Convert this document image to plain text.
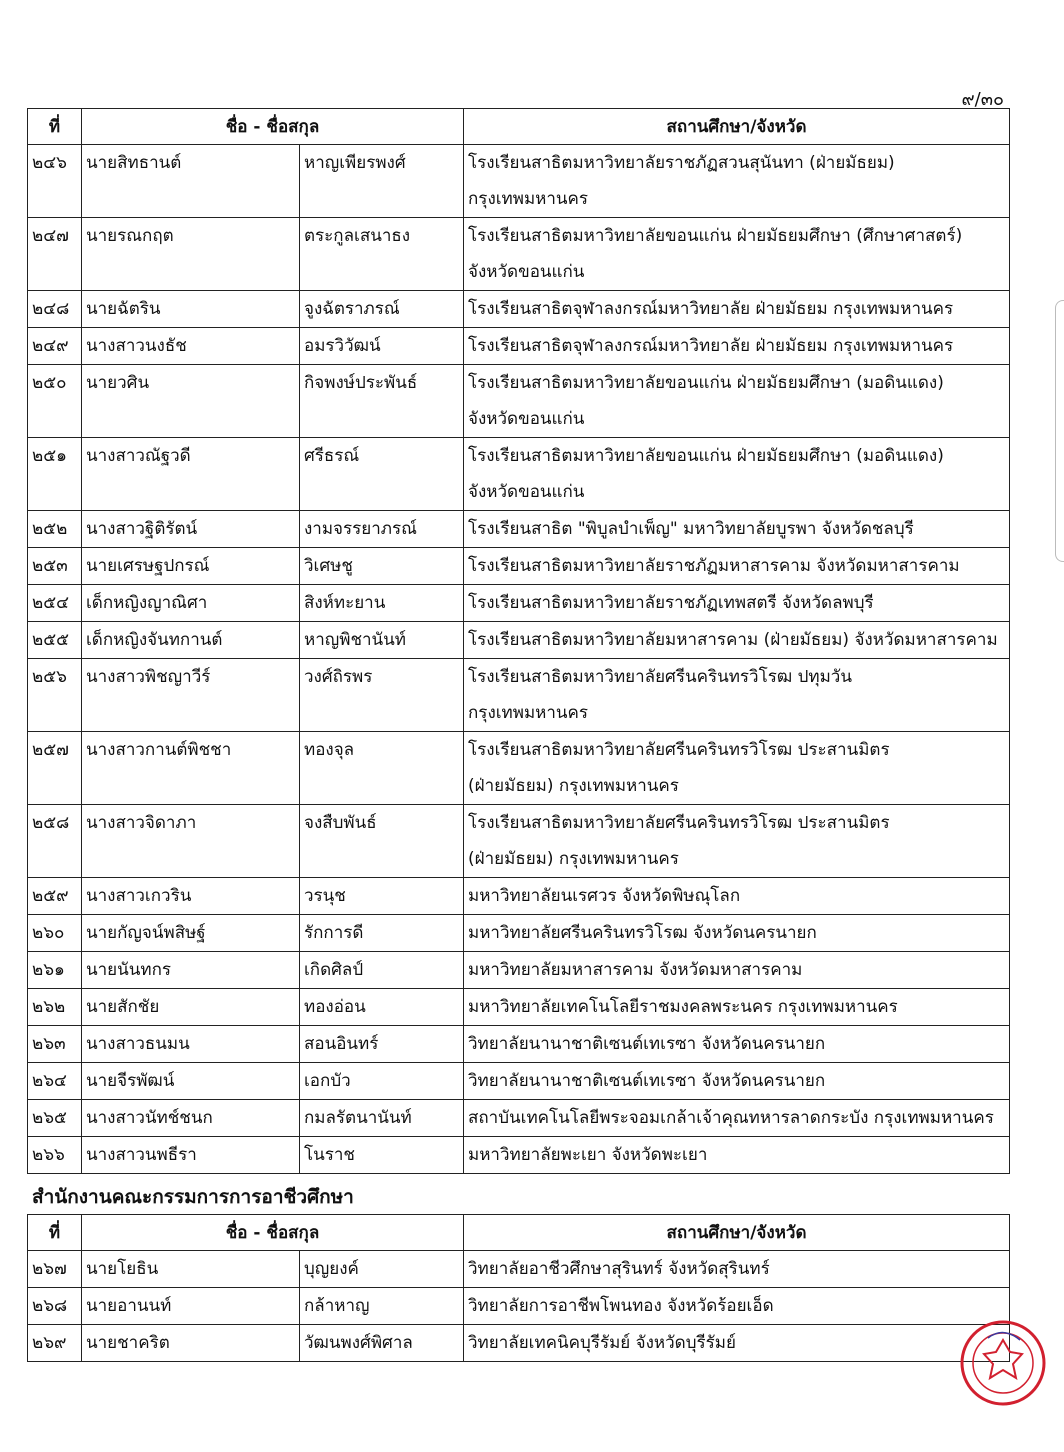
๙/๓๐
ที่	ชื่อ - ชื่อสกุล		สถานศึกษา/จังหวัด
๒๔๖	นายสิทธานต์	หาญเพียรพงศ์	โรงเรียนสาธิตมหาวิทยาลัยราชภัฏสวนสุนันทา (ฝ่ายมัธยม)
กรุงเทพมหานคร

๒๔๗	นายรณกฤต	ตระกูลเสนาธง	โรงเรียนสาธิตมหาวิทยาลัยขอนแก่น ฝ่ายมัธยมศึกษา (ศึกษาศาสตร์)
จังหวัดขอนแก่น

๒๔๘	นายฉัตริน	จูงฉัตราภรณ์	โรงเรียนสาธิตจุฬาลงกรณ์มหาวิทยาลัย ฝ่ายมัธยม กรุงเทพมหานคร

๒๔๙	นางสาวนงธัช	อมรวิวัฒน์	โรงเรียนสาธิตจุฬาลงกรณ์มหาวิทยาลัย ฝ่ายมัธยม กรุงเทพมหานคร

๒๕๐	นายวศิน	กิจพงษ์ประพันธ์	โรงเรียนสาธิตมหาวิทยาลัยขอนแก่น ฝ่ายมัธยมศึกษา (มอดินแดง)
จังหวัดขอนแก่น

๒๕๑	นางสาวณัฐวดี	ศรีธรณ์	โรงเรียนสาธิตมหาวิทยาลัยขอนแก่น ฝ่ายมัธยมศึกษา (มอดินแดง)
จังหวัดขอนแก่น

๒๕๒	นางสาวฐิติรัตน์	งามจรรยาภรณ์	โรงเรียนสาธิต "พิบูลบำเพ็ญ" มหาวิทยาลัยบูรพา จังหวัดชลบุรี

๒๕๓	นายเศรษฐปกรณ์	วิเศษชู	โรงเรียนสาธิตมหาวิทยาลัยราชภัฏมหาสารคาม จังหวัดมหาสารคาม

๒๕๔	เด็กหญิงญาณิศา	สิงห์ทะยาน	โรงเรียนสาธิตมหาวิทยาลัยราชภัฏเทพสตรี จังหวัดลพบุรี

๒๕๕	เด็กหญิงจันทกานต์	หาญพิชานันท์	โรงเรียนสาธิตมหาวิทยาลัยมหาสารคาม (ฝ่ายมัธยม) จังหวัดมหาสารคาม

๒๕๖	นางสาวพิชญาวีร์	วงศ์ถิรพร	โรงเรียนสาธิตมหาวิทยาลัยศรีนครินทรวิโรฒ ปทุมวัน
กรุงเทพมหานคร

๒๕๗	นางสาวกานต์พิชชา	ทองจุล	โรงเรียนสาธิตมหาวิทยาลัยศรีนครินทรวิโรฒ ประสานมิตร
(ฝ่ายมัธยม) กรุงเทพมหานคร

๒๕๘	นางสาวจิดาภา	จงสืบพันธ์	โรงเรียนสาธิตมหาวิทยาลัยศรีนครินทรวิโรฒ ประสานมิตร
(ฝ่ายมัธยม) กรุงเทพมหานคร

๒๕๙	นางสาวเกวริน	วรนุช	มหาวิทยาลัยนเรศวร จังหวัดพิษณุโลก

๒๖๐	นายกัญจน์พสิษฐ์	รักการดี	มหาวิทยาลัยศรีนครินทรวิโรฒ จังหวัดนครนายก

๒๖๑	นายนันทกร	เกิดศิลป์	มหาวิทยาลัยมหาสารคาม จังหวัดมหาสารคาม

๒๖๒	นายสักชัย	ทองอ่อน	มหาวิทยาลัยเทคโนโลยีราชมงคลพระนคร กรุงเทพมหานคร

๒๖๓	นางสาวธนมน	สอนอินทร์	วิทยาลัยนานาชาติเซนต์เทเรซา จังหวัดนครนายก

๒๖๔	นายจีรพัฒน์	เอกบัว	วิทยาลัยนานาชาติเซนต์เทเรซา จังหวัดนครนายก

๒๖๕	นางสาวนัทช์ชนก	กมลรัตนานันท์	สถาบันเทคโนโลยีพระจอมเกล้าเจ้าคุณทหารลาดกระบัง กรุงเทพมหานคร

๒๖๖	นางสาวนพธีรา	โนราช	มหาวิทยาลัยพะเยา จังหวัดพะเยา
สำนักงานคณะกรรมการการอาชีวศึกษา
ที่	ชื่อ - ชื่อสกุล		สถานศึกษา/จังหวัด
๒๖๗	นายโยธิน	บุญยงค์	วิทยาลัยอาชีวศึกษาสุรินทร์ จังหวัดสุรินทร์

๒๖๘	นายอานนท์	กล้าหาญ	วิทยาลัยการอาชีพโพนทอง จังหวัดร้อยเอ็ด

๒๖๙	นายชาคริต	วัฒนพงศ์พิศาล	วิทยาลัยเทคนิคบุรีรัมย์ จังหวัดบุรีรัมย์
